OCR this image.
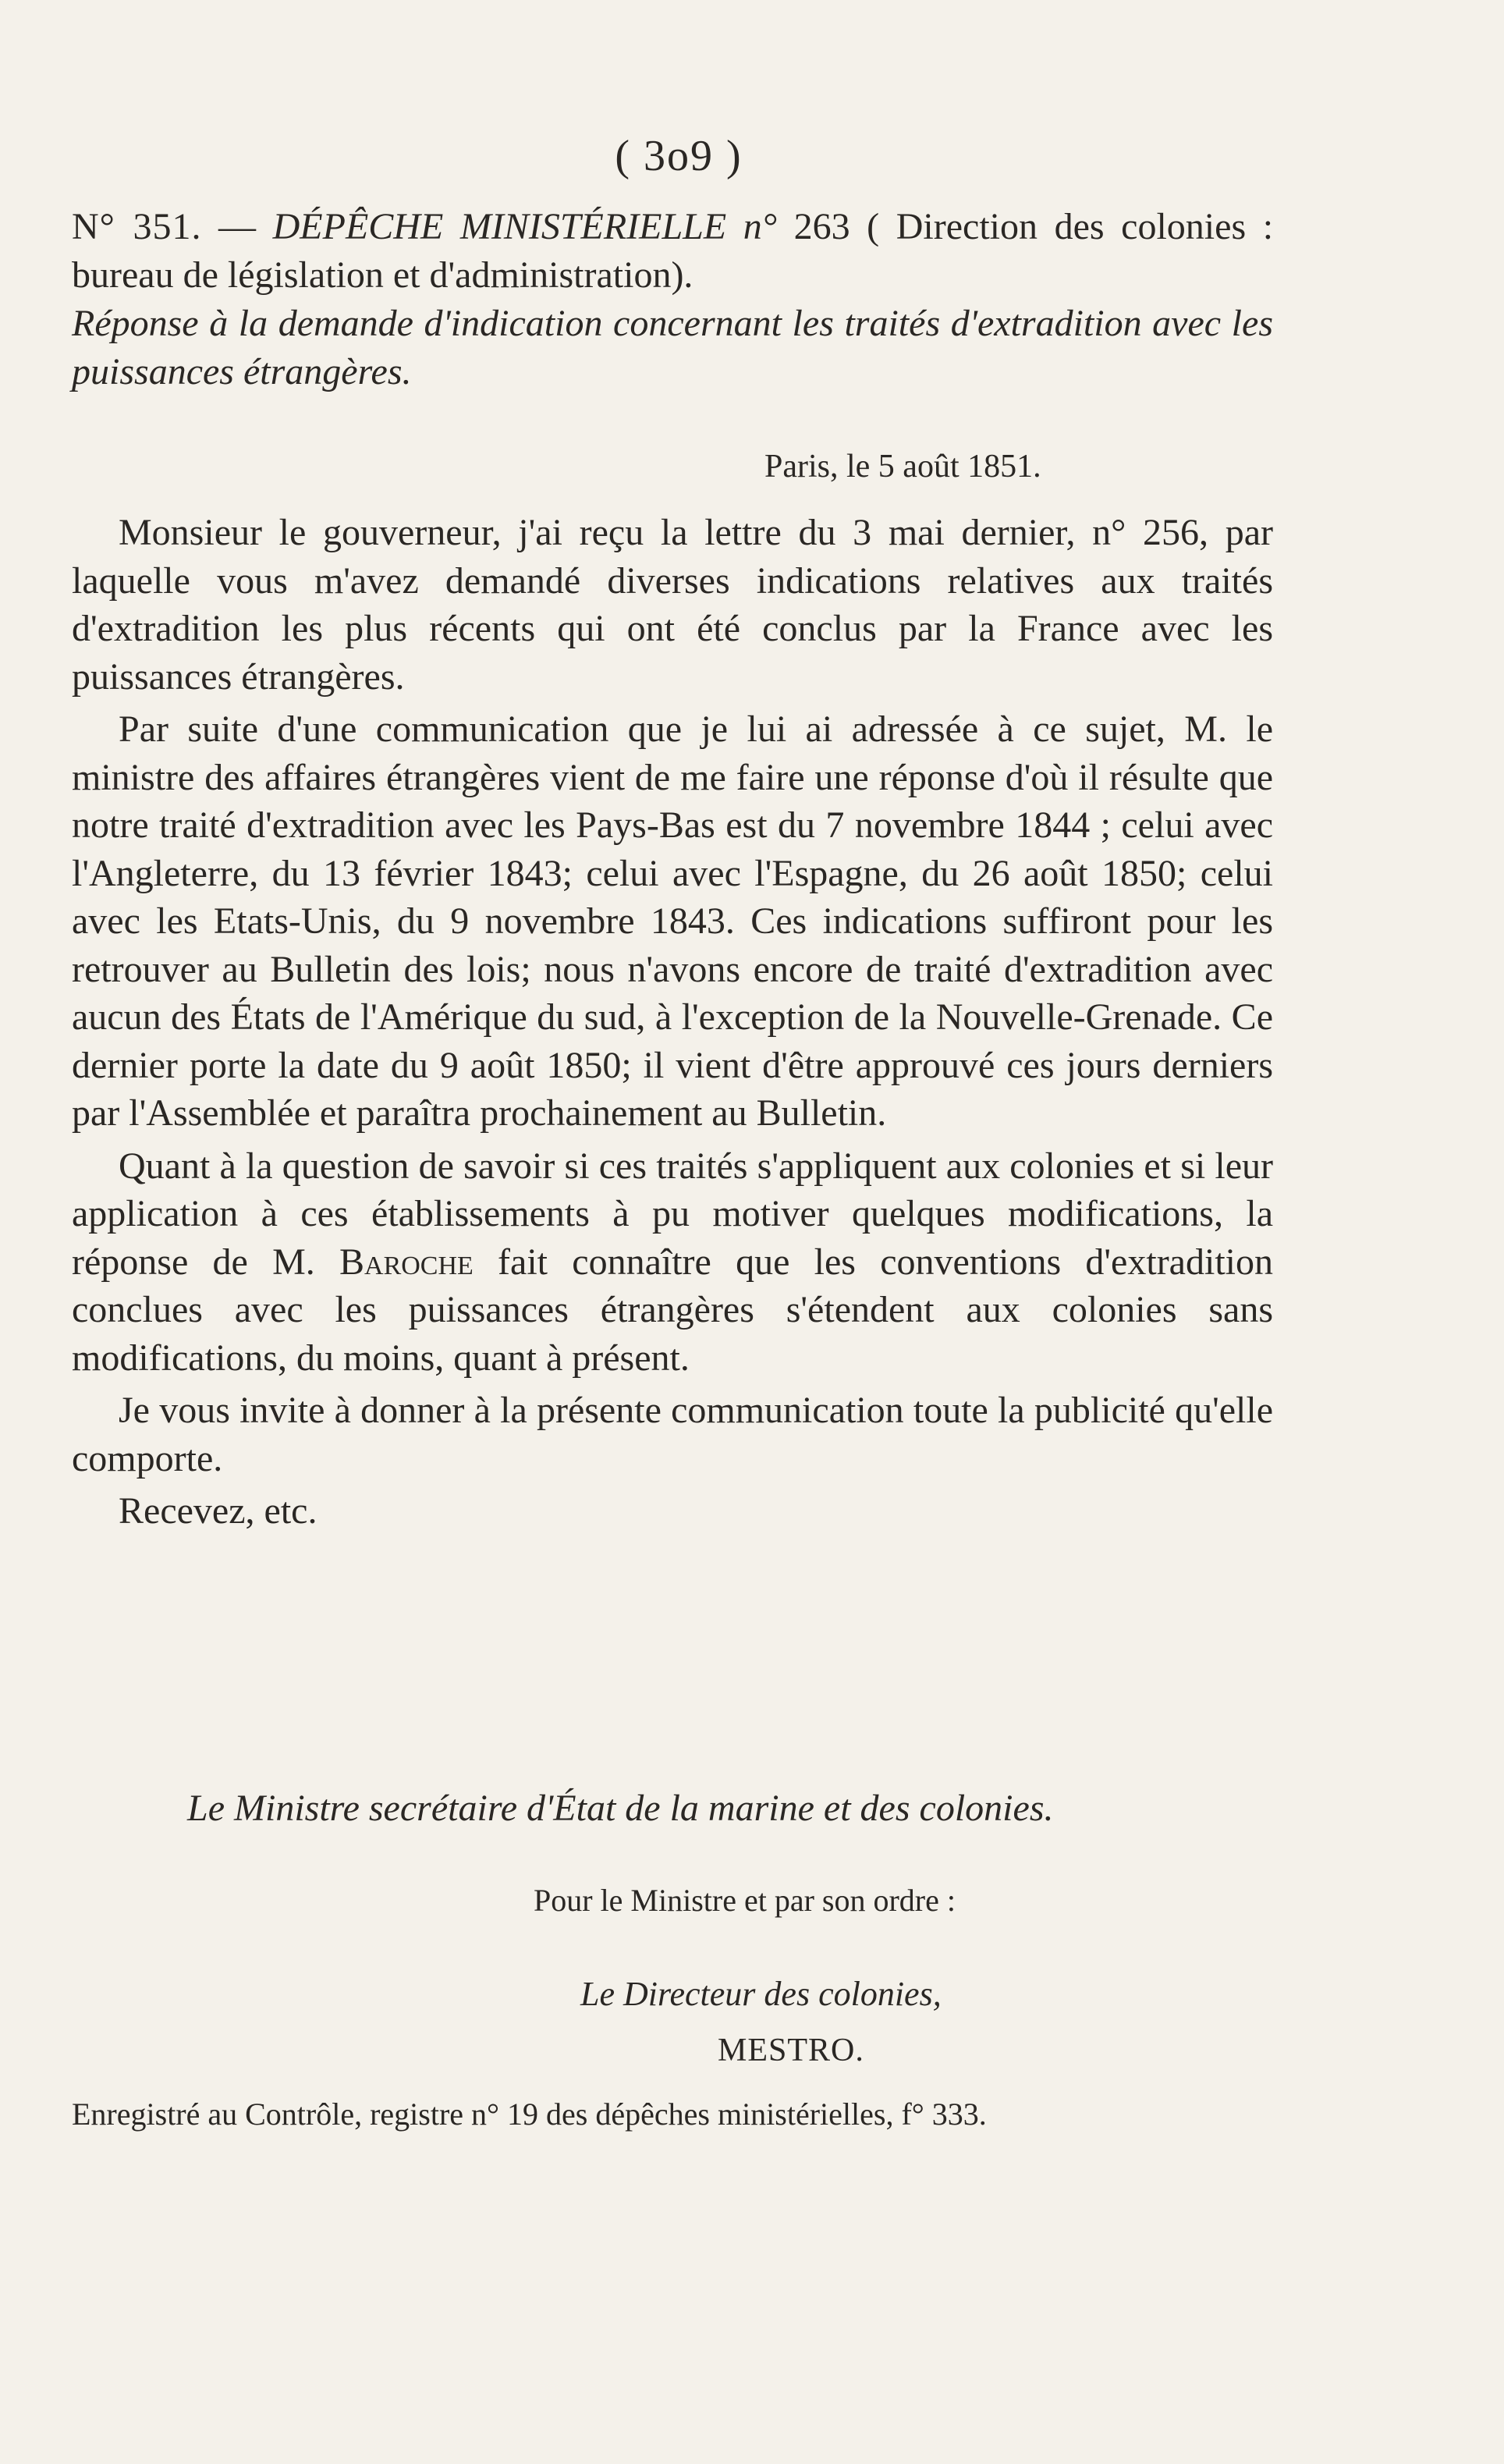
( 3o9 )
N° 351. — DÉPÊCHE MINISTÉRIELLE n° 263 ( Direction des colonies : bureau de législation et d'administration).
Réponse à la demande d'indication concernant les traités d'extradition avec les puissances étrangères.
Paris, le 5 août 1851.

Monsieur le gouverneur, j'ai reçu la lettre du 3 mai dernier, n° 256, par laquelle vous m'avez demandé diverses indications relatives aux traités d'extradition les plus récents qui ont été conclus par la France avec les puissances étrangères.

Par suite d'une communication que je lui ai adressée à ce sujet, M. le ministre des affaires étrangères vient de me faire une réponse d'où il résulte que notre traité d'extradition avec les Pays-Bas est du 7 novembre 1844 ; celui avec l'Angleterre, du 13 février 1843; celui avec l'Espagne, du 26 août 1850; celui avec les Etats-Unis, du 9 novembre 1843. Ces indications suffiront pour les retrouver au Bulletin des lois; nous n'avons encore de traité d'extradition avec aucun des États de l'Amérique du sud, à l'exception de la Nouvelle-Grenade. Ce dernier porte la date du 9 août 1850; il vient d'être approuvé ces jours derniers par l'Assemblée et paraîtra prochainement au Bulletin.

Quant à la question de savoir si ces traités s'appliquent aux colonies et si leur application à ces établissements à pu motiver quelques modifications, la réponse de M. Baroche fait connaître que les conventions d'extradition conclues avec les puissances étrangères s'étendent aux colonies sans modifications, du moins, quant à présent.

Je vous invite à donner à la présente communication toute la publicité qu'elle comporte.

Recevez, etc.

Le Ministre secrétaire d'État de la marine et des colonies.
Pour le Ministre et par son ordre :
Le Directeur des colonies,
MESTRO.
Enregistré au Contrôle, registre n° 19 des dépêches ministérielles, f° 333.
